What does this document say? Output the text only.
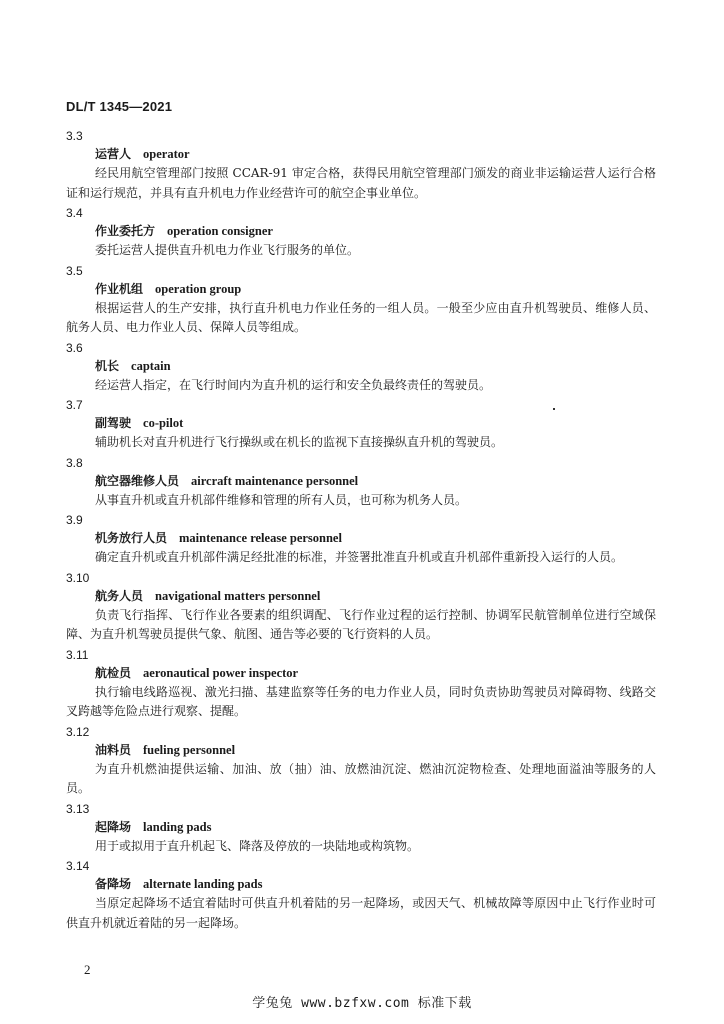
DL/T 1345—2021
3.3
运营人 operator
经民用航空管理部门按照 CCAR-91 审定合格，获得民用航空管理部门颁发的商业非运输运营人运行合格证和运行规范，并具有直升机电力作业经营许可的航空企事业单位。
3.4
作业委托方 operation consigner
委托运营人提供直升机电力作业飞行服务的单位。
3.5
作业机组 operation group
根据运营人的生产安排，执行直升机电力作业任务的一组人员。一般至少应由直升机驾驶员、维修人员、航务人员、电力作业人员、保障人员等组成。
3.6
机长 captain
经运营人指定，在飞行时间内为直升机的运行和安全负最终责任的驾驶员。
3.7
副驾驶 co-pilot
辅助机长对直升机进行飞行操纵或在机长的监视下直接操纵直升机的驾驶员。
3.8
航空器维修人员 aircraft maintenance personnel
从事直升机或直升机部件维修和管理的所有人员，也可称为机务人员。
3.9
机务放行人员 maintenance release personnel
确定直升机或直升机部件满足经批准的标准，并签署批准直升机或直升机部件重新投入运行的人员。
3.10
航务人员 navigational matters personnel
负责飞行指挥、飞行作业各要素的组织调配、飞行作业过程的运行控制、协调军民航管制单位进行空域保障、为直升机驾驶员提供气象、航图、通告等必要的飞行资料的人员。
3.11
航检员 aeronautical power inspector
执行输电线路巡视、激光扫描、基建监察等任务的电力作业人员，同时负责协助驾驶员对障碍物、线路交叉跨越等危险点进行观察、提醒。
3.12
油料员 fueling personnel
为直升机燃油提供运输、加油、放（抽）油、放燃油沉淀、燃油沉淀物检查、处理地面溢油等服务的人员。
3.13
起降场 landing pads
用于或拟用于直升机起飞、降落及停放的一块陆地或构筑物。
3.14
备降场 alternate landing pads
当原定起降场不适宜着陆时可供直升机着陆的另一起降场，或因天气、机械故障等原因中止飞行作业时可供直升机就近着陆的另一起降场。
2
学兔兔 www.bzfxw.com 标准下载
